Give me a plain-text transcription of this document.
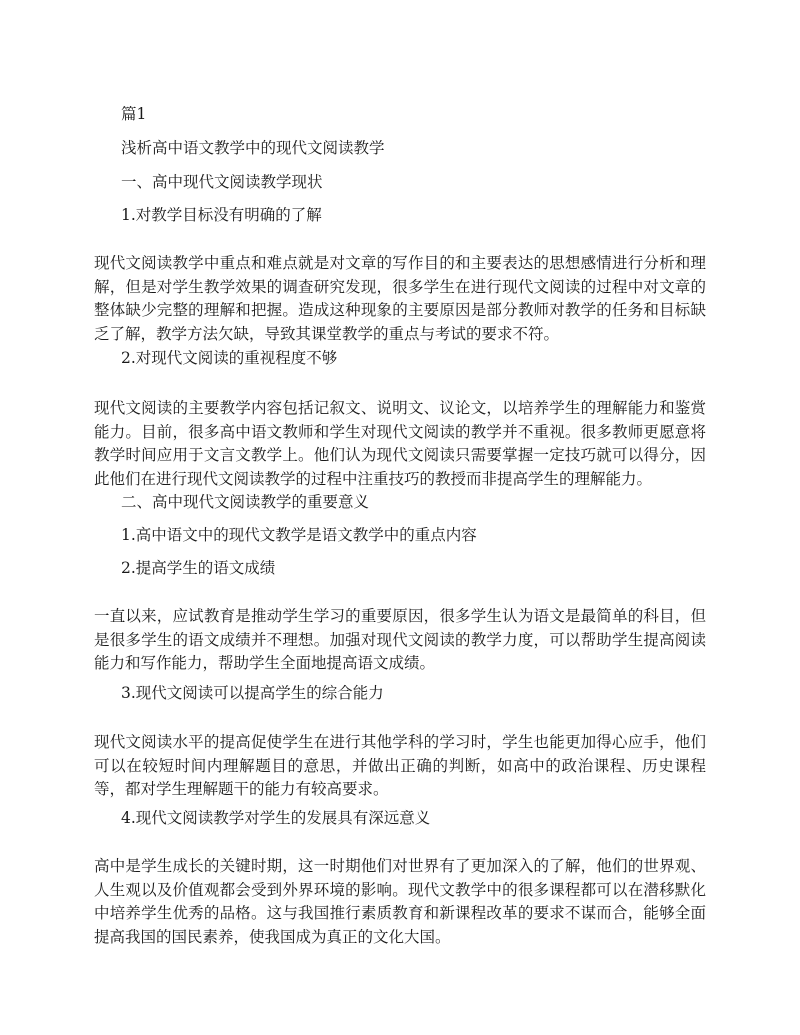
篇1
浅析高中语文教学中的现代文阅读教学
一、高中现代文阅读教学现状
1.对教学目标没有明确的了解

现代文阅读教学中重点和难点就是对文章的写作目的和主要表达的思想感情进行分析和理解，但是对学生教学效果的调查研究发现，很多学生在进行现代文阅读的过程中对文章的整体缺少完整的理解和把握。造成这种现象的主要原因是部分教师对教学的任务和目标缺乏了解，教学方法欠缺，导致其课堂教学的重点与考试的要求不符。

2.对现代文阅读的重视程度不够

现代文阅读的主要教学内容包括记叙文、说明文、议论文，以培养学生的理解能力和鉴赏能力。目前，很多高中语文教师和学生对现代文阅读的教学并不重视。很多教师更愿意将教学时间应用于文言文教学上。他们认为现代文阅读只需要掌握一定技巧就可以得分，因此他们在进行现代文阅读教学的过程中注重技巧的教授而非提高学生的理解能力。

二、高中现代文阅读教学的重要意义
1.高中语文中的现代文教学是语文教学中的重点内容
2.提高学生的语文成绩

一直以来，应试教育是推动学生学习的重要原因，很多学生认为语文是最简单的科目，但是很多学生的语文成绩并不理想。加强对现代文阅读的教学力度，可以帮助学生提高阅读能力和写作能力，帮助学生全面地提高语文成绩。

3.现代文阅读可以提高学生的综合能力

现代文阅读水平的提高促使学生在进行其他学科的学习时，学生也能更加得心应手，他们可以在较短时间内理解题目的意思，并做出正确的判断，如高中的政治课程、历史课程等，都对学生理解题干的能力有较高要求。

4.现代文阅读教学对学生的发展具有深远意义

高中是学生成长的关键时期，这一时期他们对世界有了更加深入的了解，他们的世界观、人生观以及价值观都会受到外界环境的影响。现代文教学中的很多课程都可以在潜移默化中培养学生优秀的品格。这与我国推行素质教育和新课程改革的要求不谋而合，能够全面提高我国的国民素养，使我国成为真正的文化大国。
